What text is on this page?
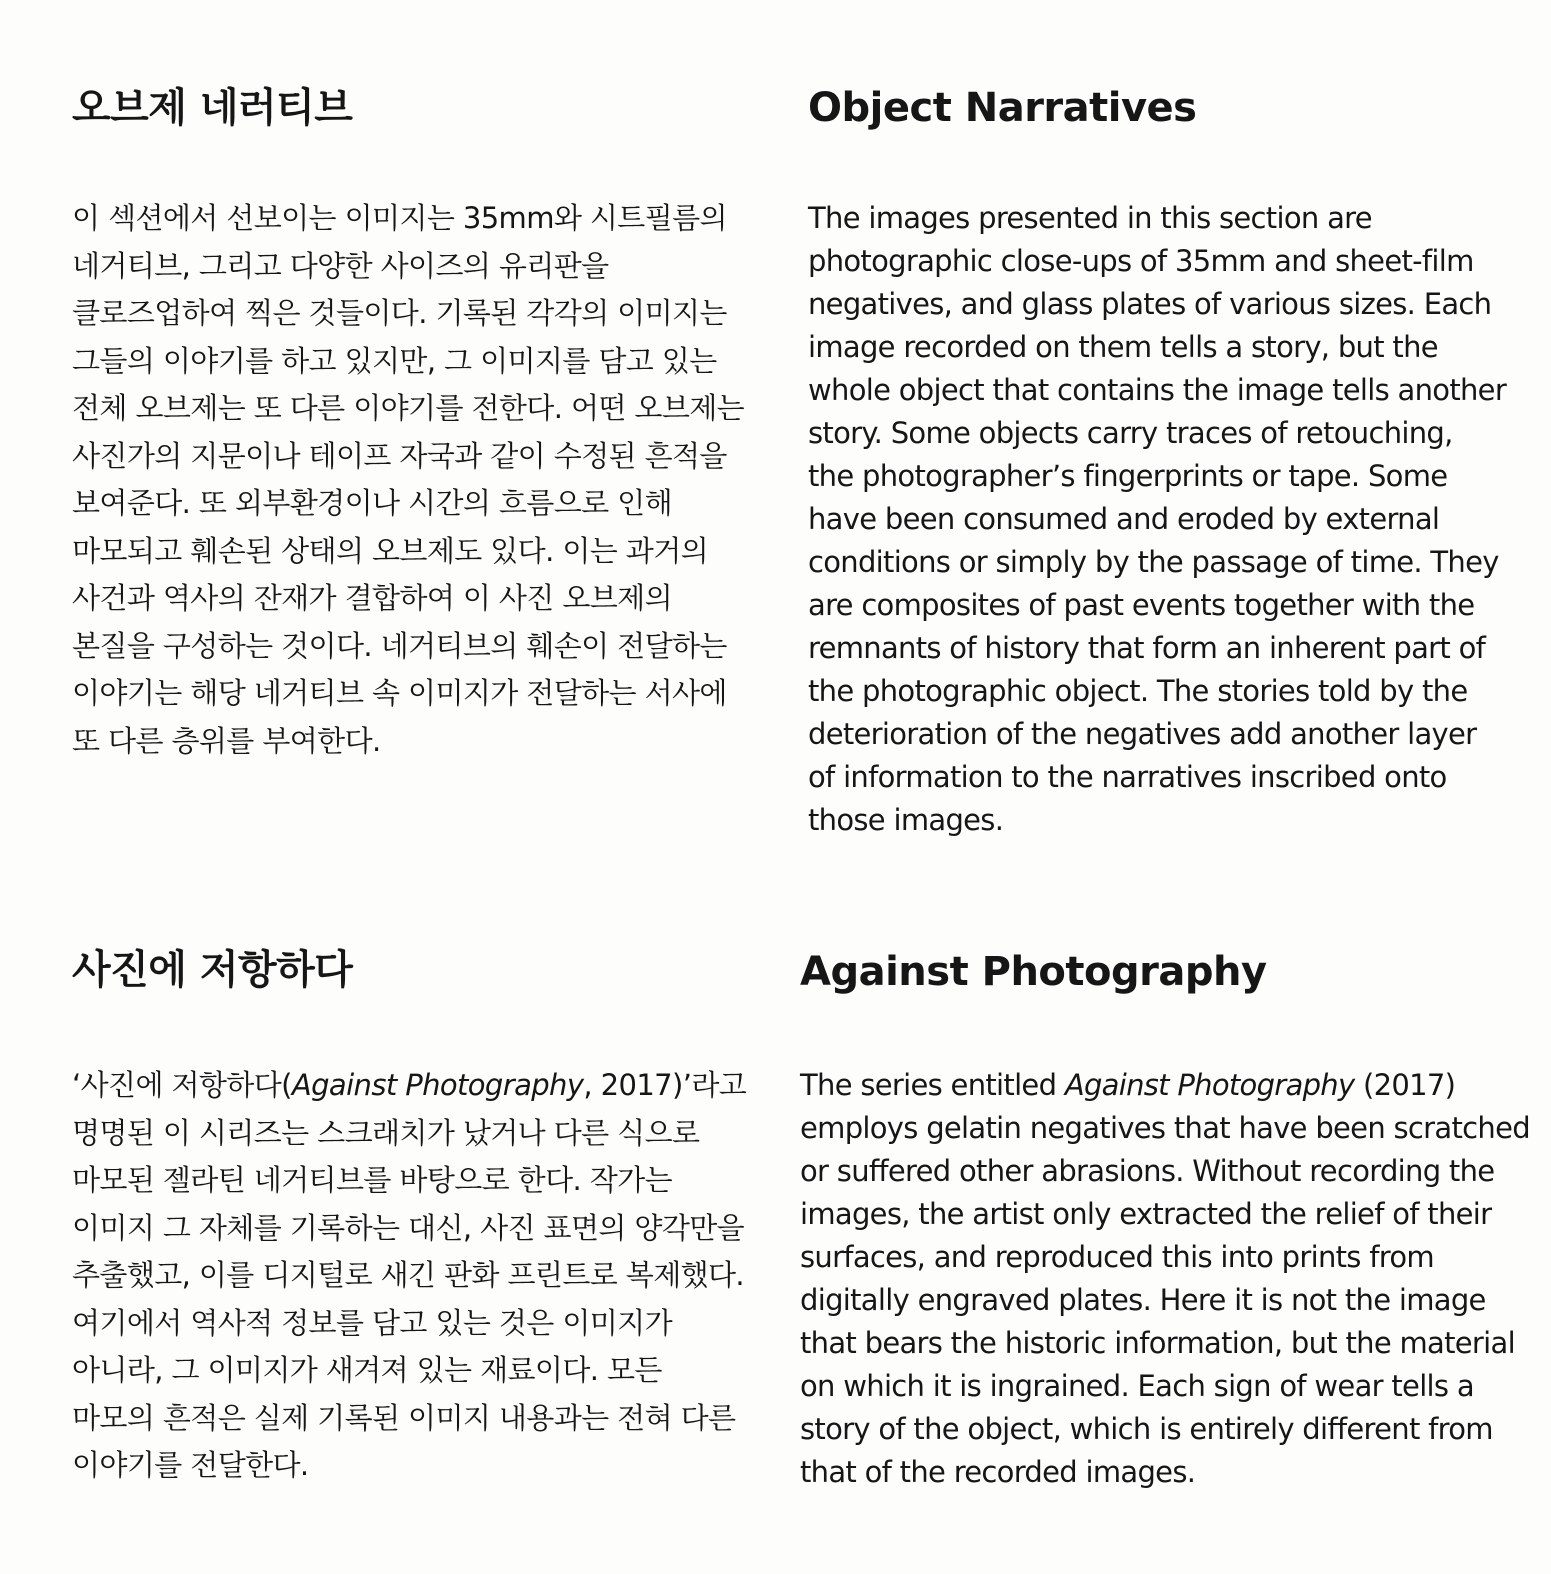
오브제 네러티브

이 섹션에서 선보이는 이미지는 35mm와 시트필름의
네거티브, 그리고 다양한 사이즈의 유리판을
클로즈업하여 찍은 것들이다. 기록된 각각의 이미지는
그들의 이야기를 하고 있지만, 그 이미지를 담고 있는
전체 오브제는 또 다른 이야기를 전한다. 어떤 오브제는
사진가의 지문이나 테이프 자국과 같이 수정된 흔적을
보여준다. 또 외부환경이나 시간의 흐름으로 인해
마모되고 훼손된 상태의 오브제도 있다. 이는 과거의
사건과 역사의 잔재가 결합하여 이 사진 오브제의
본질을 구성하는 것이다. 네거티브의 훼손이 전달하는
이야기는 해당 네거티브 속 이미지가 전달하는 서사에
또 다른 층위를 부여한다.

Object Narratives

The images presented in this section are
photographic close-ups of 35mm and sheet-film
negatives, and glass plates of various sizes. Each
image recorded on them tells a story, but the
whole object that contains the image tells another
story. Some objects carry traces of retouching,
the photographer’s fingerprints or tape. Some
have been consumed and eroded by external
conditions or simply by the passage of time. They
are composites of past events together with the
remnants of history that form an inherent part of
the photographic object. The stories told by the
deterioration of the negatives add another layer
of information to the narratives inscribed onto
those images.

사진에 저항하다

‘사진에 저항하다(Against Photography, 2017)’라고
명명된 이 시리즈는 스크래치가 났거나 다른 식으로
마모된 젤라틴 네거티브를 바탕으로 한다. 작가는
이미지 그 자체를 기록하는 대신, 사진 표면의 양각만을
추출했고, 이를 디지털로 새긴 판화 프린트로 복제했다.
여기에서 역사적 정보를 담고 있는 것은 이미지가
아니라, 그 이미지가 새겨져 있는 재료이다. 모든
마모의 흔적은 실제 기록된 이미지 내용과는 전혀 다른
이야기를 전달한다.

Against Photography

The series entitled Against Photography (2017)
employs gelatin negatives that have been scratched
or suffered other abrasions. Without recording the
images, the artist only extracted the relief of their
surfaces, and reproduced this into prints from
digitally engraved plates. Here it is not the image
that bears the historic information, but the material
on which it is ingrained. Each sign of wear tells a
story of the object, which is entirely different from
that of the recorded images.
